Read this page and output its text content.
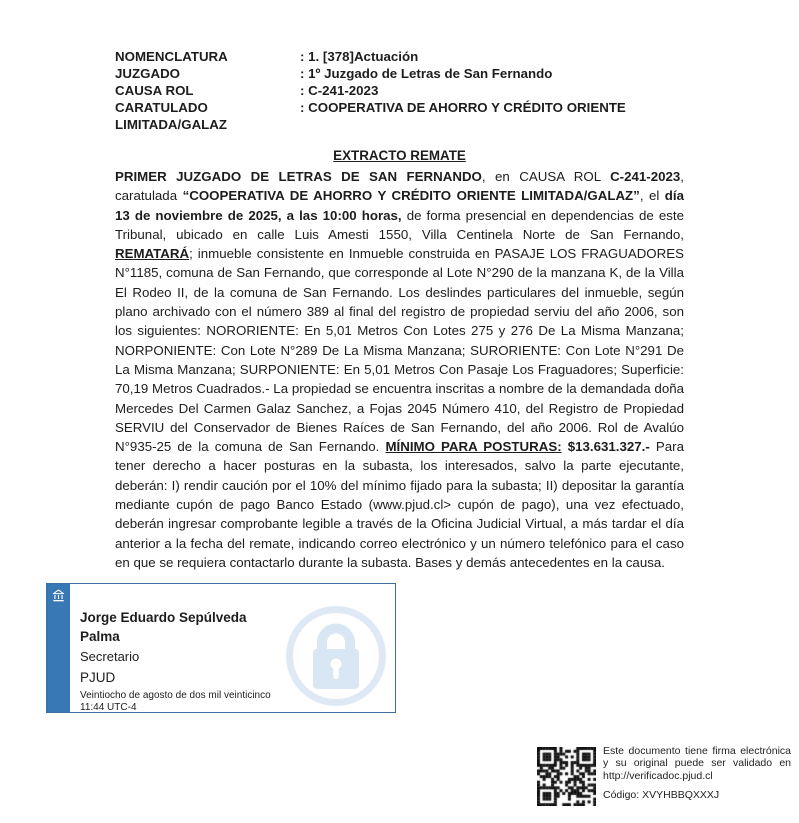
NOMENCLATURA	: 1. [378]Actuación
JUZGADO	: 1º Juzgado de Letras de San Fernando
CAUSA ROL	: C-241-2023
CARATULADO	: COOPERATIVA DE AHORRO Y CRÉDITO ORIENTE
LIMITADA/GALAZ
EXTRACTO REMATE

PRIMER JUZGADO DE LETRAS DE SAN FERNANDO, en CAUSA ROL C-241-2023, caratulada “COOPERATIVA DE AHORRO Y CRÉDITO ORIENTE LIMITADA/GALAZ”, el día 13 de noviembre de 2025, a las 10:00 horas, de forma presencial en dependencias de este Tribunal, ubicado en calle Luis Amesti 1550, Villa Centinela Norte de San Fernando, REMATARÁ; inmueble consistente en Inmueble construida en PASAJE LOS FRAGUADORES N°1185, comuna de San Fernando, que corresponde al Lote N°290 de la manzana K, de la Villa El Rodeo II, de la comuna de San Fernando. Los deslindes particulares del inmueble, según plano archivado con el número 389 al final del registro de propiedad serviu del año 2006, son los siguientes: NORORIENTE: En 5,01 Metros Con Lotes 275 y 276 De La Misma Manzana; NORPONIENTE: Con Lote N°289 De La Misma Manzana; SURORIENTE: Con Lote N°291 De La Misma Manzana; SURPONIENTE: En 5,01 Metros Con Pasaje Los Fraguadores; Superficie: 70,19 Metros Cuadrados.- La propiedad se encuentra inscritas a nombre de la demandada doña Mercedes Del Carmen Galaz Sanchez, a Fojas 2045 Número 410, del Registro de Propiedad SERVIU del Conservador de Bienes Raíces de San Fernando, del año 2006. Rol de Avalúo N°935-25 de la comuna de San Fernando. MÍNIMO PARA POSTURAS: $13.631.327.- Para tener derecho a hacer posturas en la subasta, los interesados, salvo la parte ejecutante, deberán: I) rendir caución por el 10% del mínimo fijado para la subasta; II) depositar la garantía mediante cupón de pago Banco Estado (www.pjud.cl> cupón de pago), una vez efectuado, deberán ingresar comprobante legible a través de la Oficina Judicial Virtual, a más tardar el día anterior a la fecha del remate, indicando correo electrónico y un número telefónico para el caso en que se requiera contactarlo durante la subasta. Bases y demás antecedentes en la causa.

Jorge Eduardo Sepúlveda Palma
Secretario
PJUD
Veintiocho de agosto de dos mil veinticinco
11:44 UTC-4
Este documento tiene firma electrónica
y su original puede ser validado en
http://verificadoc.pjud.cl
Código: XVYHBBQXXXJ
